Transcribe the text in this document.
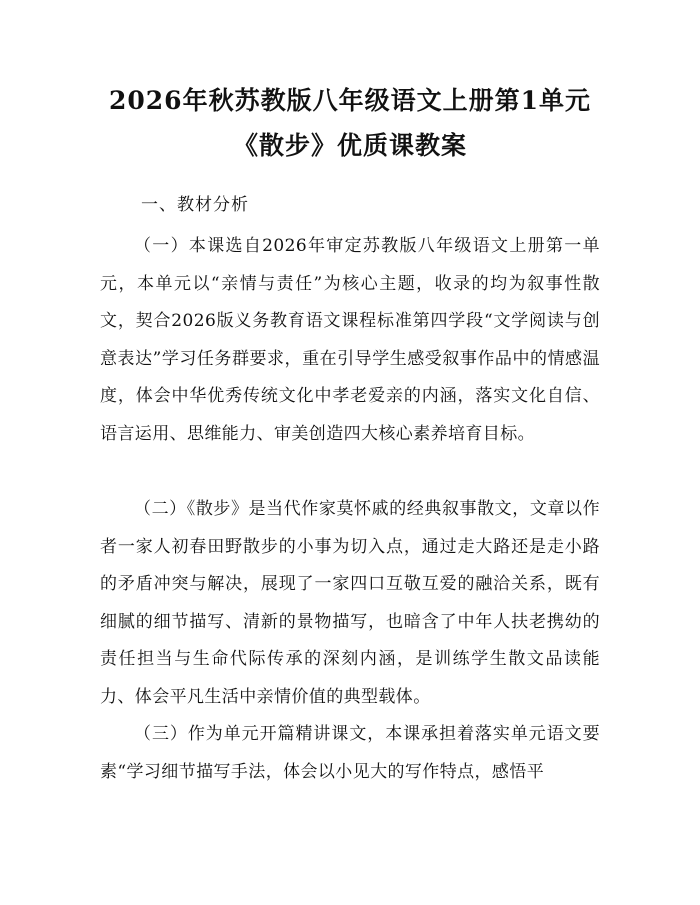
2026年秋苏教版八年级语文上册第1单元
《散步》优质课教案

一、教材分析

（一）本课选自2026年审定苏教版八年级语文上册第一单元，本单元以“亲情与责任”为核心主题，收录的均为叙事性散文，契合2026版义务教育语文课程标准第四学段“文学阅读与创意表达”学习任务群要求，重在引导学生感受叙事作品中的情感温度，体会中华优秀传统文化中孝老爱亲的内涵，落实文化自信、语言运用、思维能力、审美创造四大核心素养培育目标。

（二）《散步》是当代作家莫怀戚的经典叙事散文，文章以作者一家人初春田野散步的小事为切入点，通过走大路还是走小路的矛盾冲突与解决，展现了一家四口互敬互爱的融洽关系，既有细腻的细节描写、清新的景物描写，也暗含了中年人扶老携幼的责任担当与生命代际传承的深刻内涵，是训练学生散文品读能力、体会平凡生活中亲情价值的典型载体。

（三）作为单元开篇精讲课文，本课承担着落实单元语文要素“学习细节描写手法，体会以小见大的写作特点，感悟平
